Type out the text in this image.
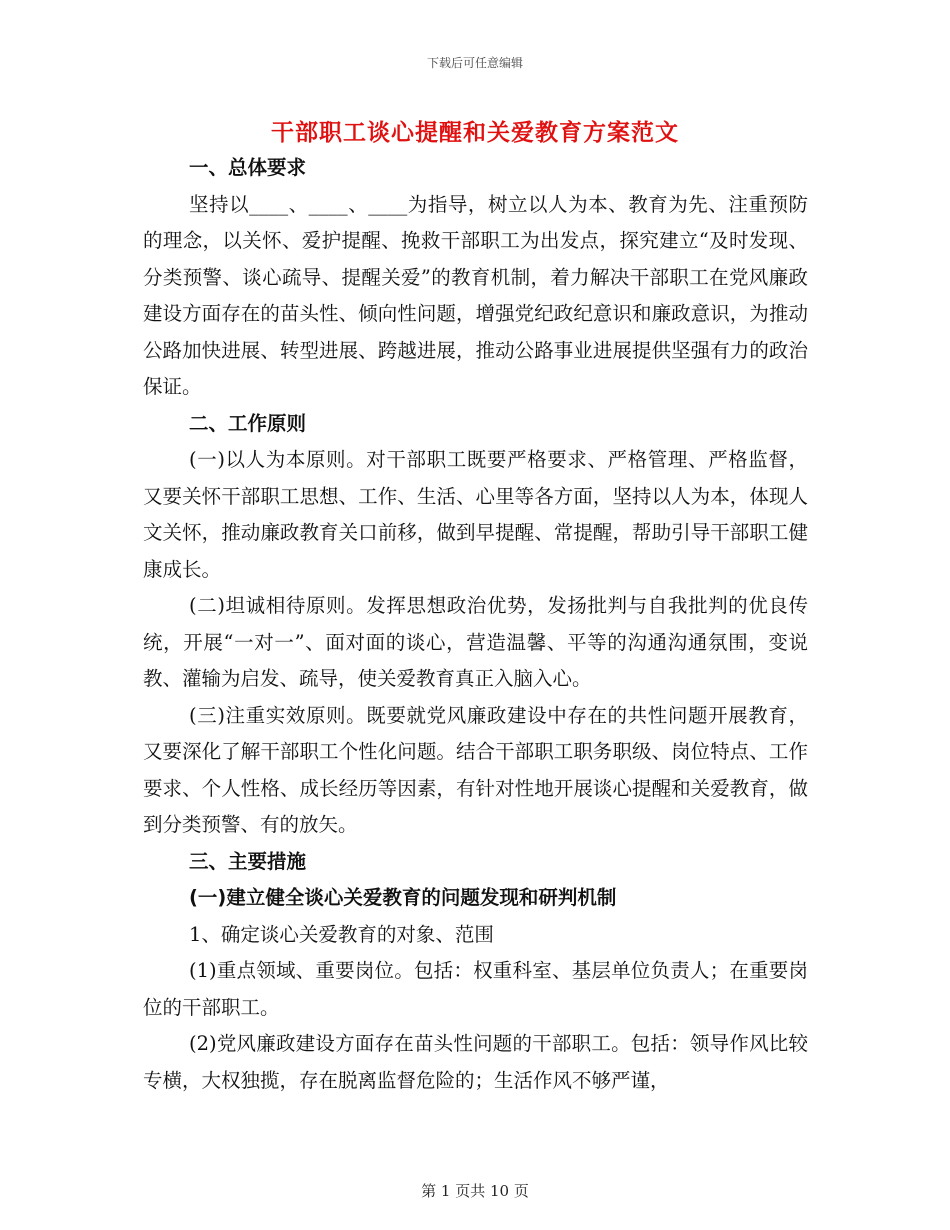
下载后可任意编辑
干部职工谈心提醒和关爱教育方案范文

一、总体要求

坚持以____、____、____为指导，树立以人为本、教育为先、注重预防的理念，以关怀、爱护提醒、挽救干部职工为出发点，探究建立“及时发现、分类预警、谈心疏导、提醒关爱”的教育机制，着力解决干部职工在党风廉政建设方面存在的苗头性、倾向性问题，增强党纪政纪意识和廉政意识，为推动公路加快进展、转型进展、跨越进展，推动公路事业进展提供坚强有力的政治保证。

二、工作原则

(一)以人为本原则。对干部职工既要严格要求、严格管理、严格监督，又要关怀干部职工思想、工作、生活、心里等各方面，坚持以人为本，体现人文关怀，推动廉政教育关口前移，做到早提醒、常提醒，帮助引导干部职工健康成长。

(二)坦诚相待原则。发挥思想政治优势，发扬批判与自我批判的优良传统，开展“一对一”、面对面的谈心，营造温馨、平等的沟通沟通氛围，变说教、灌输为启发、疏导，使关爱教育真正入脑入心。

(三)注重实效原则。既要就党风廉政建设中存在的共性问题开展教育，又要深化了解干部职工个性化问题。结合干部职工职务职级、岗位特点、工作要求、个人性格、成长经历等因素，有针对性地开展谈心提醒和关爱教育，做到分类预警、有的放矢。

三、主要措施

(一)建立健全谈心关爱教育的问题发现和研判机制

1、确定谈心关爱教育的对象、范围

(1)重点领域、重要岗位。包括：权重科室、基层单位负责人；在重要岗位的干部职工。

(2)党风廉政建设方面存在苗头性问题的干部职工。包括：领导作风比较专横，大权独揽，存在脱离监督危险的；生活作风不够严谨，

第 1 页共 10 页
